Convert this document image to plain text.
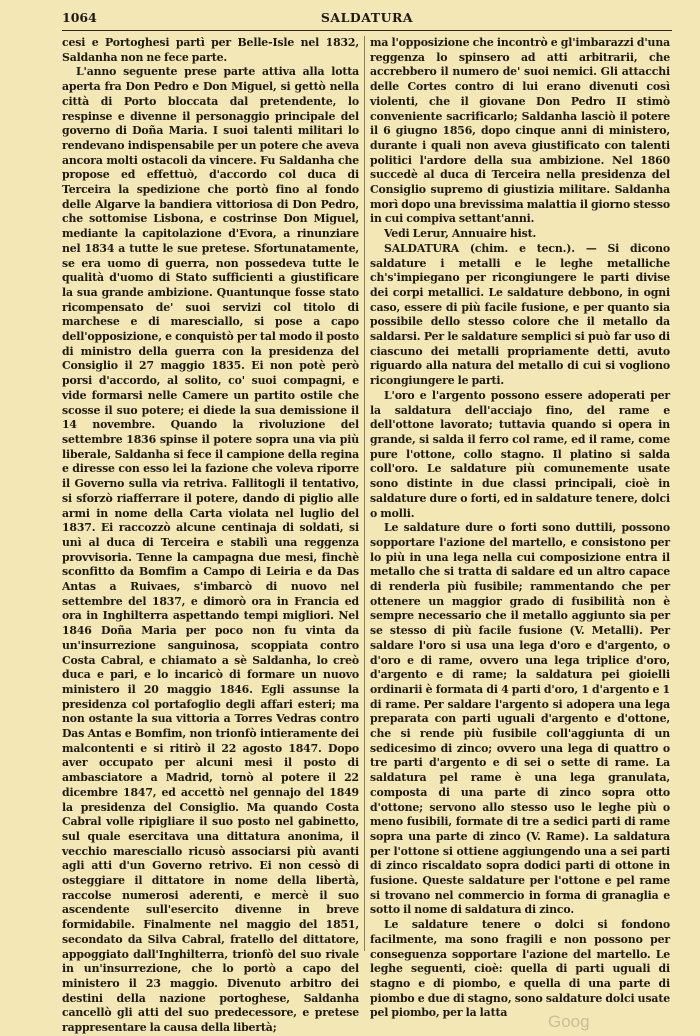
1064	SALDATURA

cesi e Portoghesi partì per Belle-Isle nel 1832, Saldanha non ne fece parte.

L'anno seguente prese parte attiva alla lotta aperta fra Don Pedro e Don Miguel, si gettò nella città di Porto bloccata dal pretendente, lo respinse e divenne il personaggio principale del governo di Doña Maria. I suoi talenti militari lo rendevano indispensabile per un potere che aveva ancora molti ostacoli da vincere. Fu Saldanha che propose ed effettuò, d'accordo col duca di Terceira la spedizione che portò fino al fondo delle Algarve la bandiera vittoriosa di Don Pedro, che sottomise Lisbona, e costrinse Don Miguel, mediante la capitolazione d'Evora, a rinunziare nel 1834 a tutte le sue pretese. Sfortunatamente, se era uomo di guerra, non possedeva tutte le qualità d'uomo di Stato sufficienti a giustificare la sua grande ambizione. Quantunque fosse stato ricompensato de' suoi servizi col titolo di marchese e di maresciallo, si pose a capo dell'opposizione, e conquistò per tal modo il posto di ministro della guerra con la presidenza del Consiglio il 27 maggio 1835. Ei non potè però porsi d'accordo, al solito, co' suoi compagni, e vide formarsi nelle Camere un partito ostile che scosse il suo potere; ei diede la sua demissione il 14 novembre. Quando la rivoluzione del settembre 1836 spinse il potere sopra una via più liberale, Saldanha si fece il campione della regina e diresse con esso lei la fazione che voleva riporre il Governo sulla via retriva. Fallitogli il tentativo, si sforzò riafferrare il potere, dando di piglio alle armi in nome della Carta violata nel luglio del 1837. Ei raccozzò alcune centinaja di soldati, si unì al duca di Terceira e stabilì una reggenza provvisoria. Tenne la campagna due mesi, finchè sconfitto da Bomfim a Campo di Leiria e da Das Antas a Ruivaes, s'imbarcò di nuovo nel settembre del 1837, e dimorò ora in Francia ed ora in Inghilterra aspettando tempi migliori. Nel 1846 Doña Maria per poco non fu vinta da un'insurrezione sanguinosa, scoppiata contro Costa Cabral, e chiamato a sè Saldanha, lo creò duca e pari, e lo incaricò di formare un nuovo ministero il 20 maggio 1846. Egli assunse la presidenza col portafoglio degli affari esteri; ma non ostante la sua vittoria a Torres Vedras contro Das Antas e Bomfim, non trionfò intieramente dei malcontenti e si ritirò il 22 agosto 1847. Dopo aver occupato per alcuni mesi il posto di ambasciatore a Madrid, tornò al potere il 22 dicembre 1847, ed accettò nel gennajo del 1849 la presidenza del Consiglio. Ma quando Costa Cabral volle ripigliare il suo posto nel gabinetto, sul quale esercitava una dittatura anonima, il vecchio maresciallo ricusò associarsi più avanti agli atti d'un Governo retrivo. Ei non cessò di osteggiare il dittatore in nome della libertà, raccolse numerosi aderenti, e mercè il suo ascendente sull'esercito divenne in breve formidabile. Finalmente nel maggio del 1851, secondato da Silva Cabral, fratello del dittatore, appoggiato dall'Inghilterra, trionfò del suo rivale in un'insurrezione, che lo portò a capo del ministero il 23 maggio. Divenuto arbitro dei destini della nazione portoghese, Saldanha cancellò gli atti del suo predecessore, e pretese rappresentare la causa della libertà;

ma l'opposizione che incontrò e gl'imbarazzi d'una reggenza lo spinsero ad atti arbitrarii, che accrebbero il numero de' suoi nemici. Gli attacchi delle Cortes contro di lui erano divenuti così violenti, che il giovane Don Pedro II stimò conveniente sacrificarlo; Saldanha lasciò il potere il 6 giugno 1856, dopo cinque anni di ministero, durante i quali non aveva giustificato con talenti politici l'ardore della sua ambizione. Nel 1860 succedè al duca di Terceira nella presidenza del Consiglio supremo di giustizia militare. Saldanha morì dopo una brevissima malattia il giorno stesso in cui compiva settant'anni.

Vedi Lerur, Annuaire hist.

SALDATURA (chim. e tecn.). — Si dicono saldature i metalli e le leghe metalliche ch's'impiegano per ricongiungere le parti divise dei corpi metallici. Le saldature debbono, in ogni caso, essere di più facile fusione, e per quanto sia possibile dello stesso colore che il metallo da saldarsi. Per le saldature semplici si può far uso di ciascuno dei metalli propriamente detti, avuto riguardo alla natura del metallo di cui si vogliono ricongiungere le parti.

L'oro e l'argento possono essere adoperati per la saldatura dell'acciajo fino, del rame e dell'ottone lavorato; tuttavia quando si opera in grande, si salda il ferro col rame, ed il rame, come pure l'ottone, collo stagno. Il platino si salda coll'oro. Le saldature più comunemente usate sono distinte in due classi principali, cioè in saldature dure o forti, ed in saldature tenere, dolci o molli.

Le saldature dure o forti sono duttili, possono sopportare l'azione del martello, e consistono per lo più in una lega nella cui composizione entra il metallo che si tratta di saldare ed un altro capace di renderla più fusibile; rammentando che per ottenere un maggior grado di fusibilità non è sempre necessario che il metallo aggiunto sia per se stesso di più facile fusione (V. Metalli). Per saldare l'oro si usa una lega d'oro e d'argento, o d'oro e di rame, ovvero una lega triplice d'oro, d'argento e di rame; la saldatura pei gioielli ordinarii è formata di 4 parti d'oro, 1 d'argento e 1 di rame. Per saldare l'argento si adopera una lega preparata con parti uguali d'argento e d'ottone, che si rende più fusibile coll'aggiunta di un sedicesimo di zinco; ovvero una lega di quattro o tre parti d'argento e di sei o sette di rame. La saldatura pel rame è una lega granulata, composta di una parte di zinco sopra otto d'ottone; servono allo stesso uso le leghe più o meno fusibili, formate di tre a sedici parti di rame sopra una parte di zinco (V. Rame). La saldatura per l'ottone si ottiene aggiungendo una a sei parti di zinco riscaldato sopra dodici parti di ottone in fusione. Queste saldature per l'ottone e pel rame si trovano nel commercio in forma di granaglia e sotto il nome di saldatura di zinco.

Le saldature tenere o dolci si fondono facilmente, ma sono fragili e non possono per conseguenza sopportare l'azione del martello. Le leghe seguenti, cioè: quella di parti uguali di stagno e di piombo, e quella di una parte di piombo e due di stagno, sono saldature dolci usate pel piombo, per la latta	Goog
